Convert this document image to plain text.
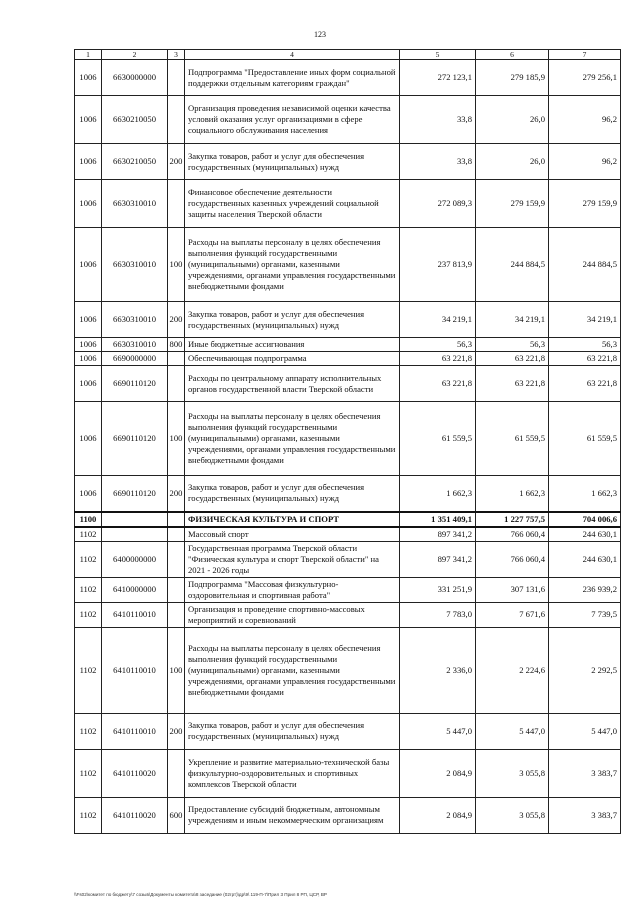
123
1	2	3	4	5	6	7
1006	6630000000		Подпрограмма "Предоставление иных форм социальной поддержки отдельным категориям граждан"	272 123,1	279 185,9	279 256,1
1006	6630210050		Организация проведения независимой оценки качества условий оказания услуг организациями в сфере социального обслуживания населения	33,8	26,0	96,2
1006	6630210050	200	Закупка товаров, работ и услуг для обеспечения государственных (муниципальных) нужд	33,8	26,0	96,2
1006	6630310010		Финансовое обеспечение деятельности государственных казенных учреждений социальной защиты населения Тверской области	272 089,3	279 159,9	279 159,9
1006	6630310010	100	Расходы на выплаты персоналу в целях обеспечения выполнения функций государственными (муниципальными) органами, казенными учреждениями, органами управления государственными внебюджетными фондами	237 813,9	244 884,5	244 884,5
1006	6630310010	200	Закупка товаров, работ и услуг для обеспечения государственных (муниципальных) нужд	34 219,1	34 219,1	34 219,1
1006	6630310010	800	Иные бюджетные ассигнования	56,3	56,3	56,3
1006	6690000000		Обеспечивающая подпрограмма	63 221,8	63 221,8	63 221,8
1006	6690110120		Расходы по центральному аппарату исполнительных органов государственной власти Тверской области	63 221,8	63 221,8	63 221,8
1006	6690110120	100	Расходы на выплаты персоналу в целях обеспечения выполнения функций государственными (муниципальными) органами, казенными учреждениями, органами управления государственными внебюджетными фондами	61 559,5	61 559,5	61 559,5
1006	6690110120	200	Закупка товаров, работ и услуг для обеспечения государственных (муниципальных) нужд	1 662,3	1 662,3	1 662,3
1100			ФИЗИЧЕСКАЯ КУЛЬТУРА И СПОРТ	1 351 409,1	1 227 757,5	704 006,6
1102			Массовый спорт	897 341,2	766 060,4	244 630,1
1102	6400000000		Государственная программа Тверской области "Физическая культура и спорт Тверской области" на 2021 - 2026 годы	897 341,2	766 060,4	244 630,1
1102	6410000000		Подпрограмма "Массовая физкультурно-оздоровительная и спортивная работа"	331 251,9	307 131,6	236 939,2
1102	6410110010		Организация и проведение спортивно-массовых мероприятий и соревнований	7 783,0	7 671,6	7 739,5
1102	6410110010	100	Расходы на выплаты персоналу в целях обеспечения выполнения функций государственными (муниципальными) органами, казенными учреждениями, органами управления государственными внебюджетными фондами	2 336,0	2 224,6	2 292,5
1102	6410110010	200	Закупка товаров, работ и услуг для обеспечения государственных (муниципальных) нужд	5 447,0	5 447,0	5 447,0
1102	6410110020		Укрепление и развитие материально-технической базы физкультурно-оздоровительных и спортивных комплексов Тверской области	2 084,9	3 055,8	3 383,7
1102	6410110020	600	Предоставление субсидий бюджетным, автономным учреждениям и иным некоммерческим организациям	2 084,9	3 055,8	3 383,7
\\Fs02\комитет по бюджету\7 созыв\Документы комитета\8 заседание (02грт)\др\9\ 119-П-7\Прил 3 Прил 8 РП, ЦСР, ВР
